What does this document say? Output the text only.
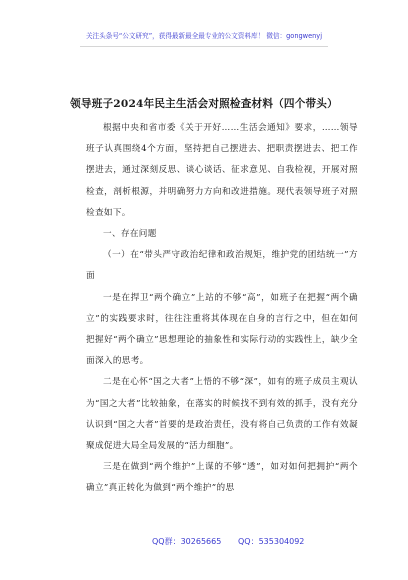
关注头条号“公文研究”，获得最新最全最专业的公文资料库！ 微信：gongwenyj
领导班子2024年民主生活会对照检查材料（四个带头）

根据中央和省市委《关于开好……生活会通知》要求，……领导班子认真围绕4个方面，坚持把自己摆进去、把职责摆进去、把工作摆进去，通过深刻反思、谈心谈话、征求意见、自我检视，开展对照检查，剖析根源，并明确努力方向和改进措施。现代表领导班子对照检查如下。

一、存在问题

（一）在“带头严守政治纪律和政治规矩，维护党的团结统一”方面

一是在捍卫“两个确立”上站的不够“高”，如班子在把握“两个确立”的实践要求时，往往注重将其体现在自身的言行之中，但在如何把握好“两个确立”思想理论的抽象性和实际行动的实践性上，缺少全面深入的思考。

二是在心怀“国之大者”上悟的不够“深”，如有的班子成员主观认为“国之大者”比较抽象，在落实的时候找不到有效的抓手，没有充分认识到“国之大者”首要的是政治责任，没有将自己负责的工作有效凝聚成促进大局全局发展的“活力细胞”。

三是在做到“两个维护”上谋的不够“透”，如对如何把拥护“两个确立”真正转化为做到“两个维护”的思

QQ群：30265665 QQ：535304092
